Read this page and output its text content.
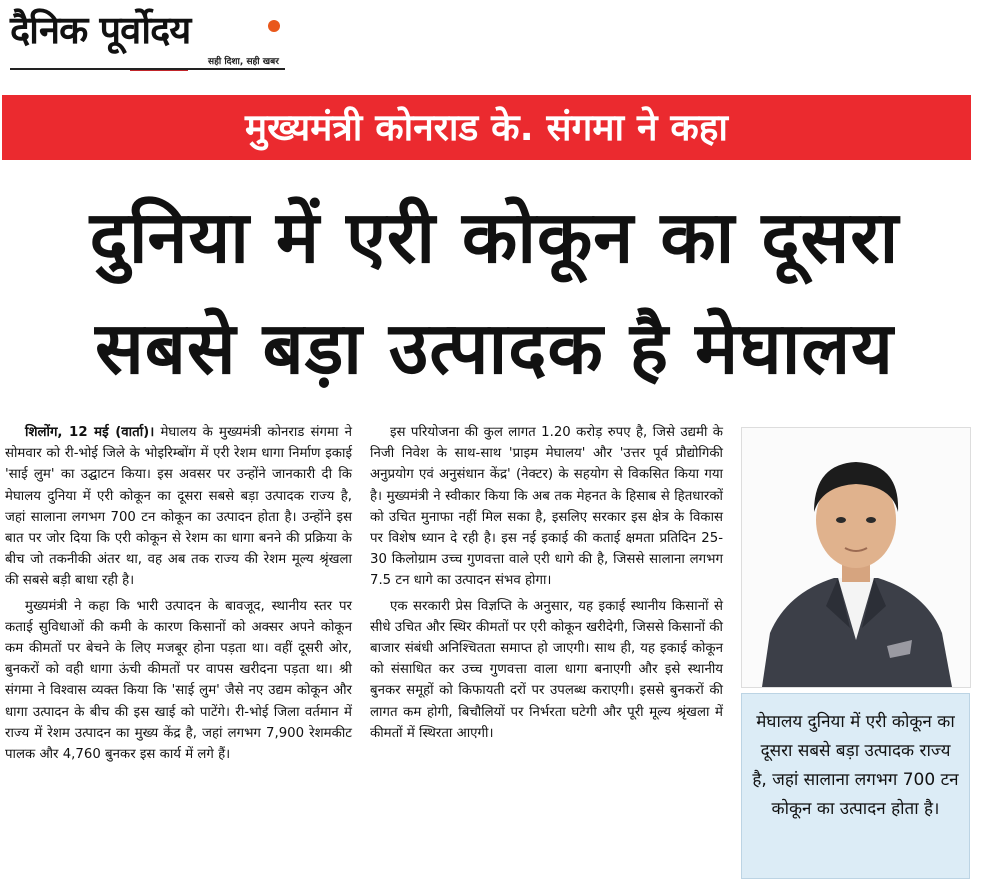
दैनिक पूर्वोदय
सही दिशा, सही खबर
मुख्यमंत्री कोनराड के. संगमा ने कहा
दुनिया में एरी कोकून का दूसरा
सबसे बड़ा उत्पादक है मेघालय

शिलोंग, 12 मई (वार्ता)। मेघालय के मुख्यमंत्री कोनराड संगमा ने सोमवार को री-भोई जिले के भोइरिम्बोंग में एरी रेशम धागा निर्माण इकाई 'साई लुम' का उद्घाटन किया। इस अवसर पर उन्होंने जानकारी दी कि मेघालय दुनिया में एरी कोकून का दूसरा सबसे बड़ा उत्पादक राज्य है, जहां सालाना लगभग 700 टन कोकून का उत्पादन होता है। उन्होंने इस बात पर जोर दिया कि एरी कोकून से रेशम का धागा बनने की प्रक्रिया के बीच जो तकनीकी अंतर था, वह अब तक राज्य की रेशम मूल्य श्रृंखला की सबसे बड़ी बाधा रही है।

मुख्यमंत्री ने कहा कि भारी उत्पादन के बावजूद, स्थानीय स्तर पर कताई सुविधाओं की कमी के कारण किसानों को अक्सर अपने कोकून कम कीमतों पर बेचने के लिए मजबूर होना पड़ता था। वहीं दूसरी ओर, बुनकरों को वही धागा ऊंची कीमतों पर वापस खरीदना पड़ता था। श्री संगमा ने विश्वास व्यक्त किया कि 'साई लुम' जैसे नए उद्यम कोकून और धागा उत्पादन के बीच की इस खाई को पाटेंगे। री-भोई जिला वर्तमान में राज्य में रेशम उत्पादन का मुख्य केंद्र है, जहां लगभग 7,900 रेशमकीट पालक और 4,760 बुनकर इस कार्य में लगे हैं।

इस परियोजना की कुल लागत 1.20 करोड़ रुपए है, जिसे उद्यमी के निजी निवेश के साथ-साथ 'प्राइम मेघालय' और 'उत्तर पूर्व प्रौद्योगिकी अनुप्रयोग एवं अनुसंधान केंद्र' (नेक्टर) के सहयोग से विकसित किया गया है। मुख्यमंत्री ने स्वीकार किया कि अब तक मेहनत के हिसाब से हितधारकों को उचित मुनाफा नहीं मिल सका है, इसलिए सरकार इस क्षेत्र के विकास पर विशेष ध्यान दे रही है। इस नई इकाई की कताई क्षमता प्रतिदिन 25-30 किलोग्राम उच्च गुणवत्ता वाले एरी धागे की है, जिससे सालाना लगभग 7.5 टन धागे का उत्पादन संभव होगा।

एक सरकारी प्रेस विज्ञप्ति के अनुसार, यह इकाई स्थानीय किसानों से सीधे उचित और स्थिर कीमतों पर एरी कोकून खरीदेगी, जिससे किसानों की बाजार संबंधी अनिश्चितता समाप्त हो जाएगी। साथ ही, यह इकाई कोकून को संसाधित कर उच्च गुणवत्ता वाला धागा बनाएगी और इसे स्थानीय बुनकर समूहों को किफायती दरों पर उपलब्ध कराएगी। इससे बुनकरों की लागत कम होगी, बिचौलियों पर निर्भरता घटेगी और पूरी मूल्य श्रृंखला में कीमतों में स्थिरता आएगी।

मेघालय दुनिया में एरी कोकून का दूसरा सबसे बड़ा उत्पादक राज्य है, जहां सालाना लगभग 700 टन कोकून का उत्पादन होता है।
